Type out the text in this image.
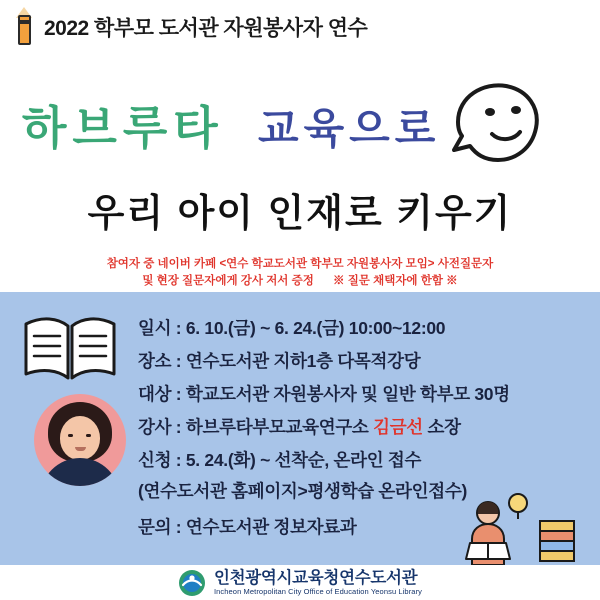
2022 학부모 도서관 자원봉사자 연수
하브루타 교육으로
우리 아이 인재로 키우기
참여자 중 네이버 카페 <연수 학교도서관 학부모 자원봉사자 모임> 사전질문자
및 현장 질문자에게 강사 저서 증정 ※ 질문 채택자에 한함 ※
일시 : 6. 10.(금) ~ 6. 24.(금) 10:00~12:00
장소 : 연수도서관 지하1층 다목적강당
대상 : 학교도서관 자원봉사자 및 일반 학부모 30명
강사 : 하브루타부모교육연구소 김금선 소장
신청 : 5. 24.(화) ~ 선착순, 온라인 접수
(연수도서관 홈페이지>평생학습 온라인접수)
문의 : 연수도서관 정보자료과
인천광역시교육청연수도서관
Incheon Metropolitan City Office of Education Yeonsu Library
